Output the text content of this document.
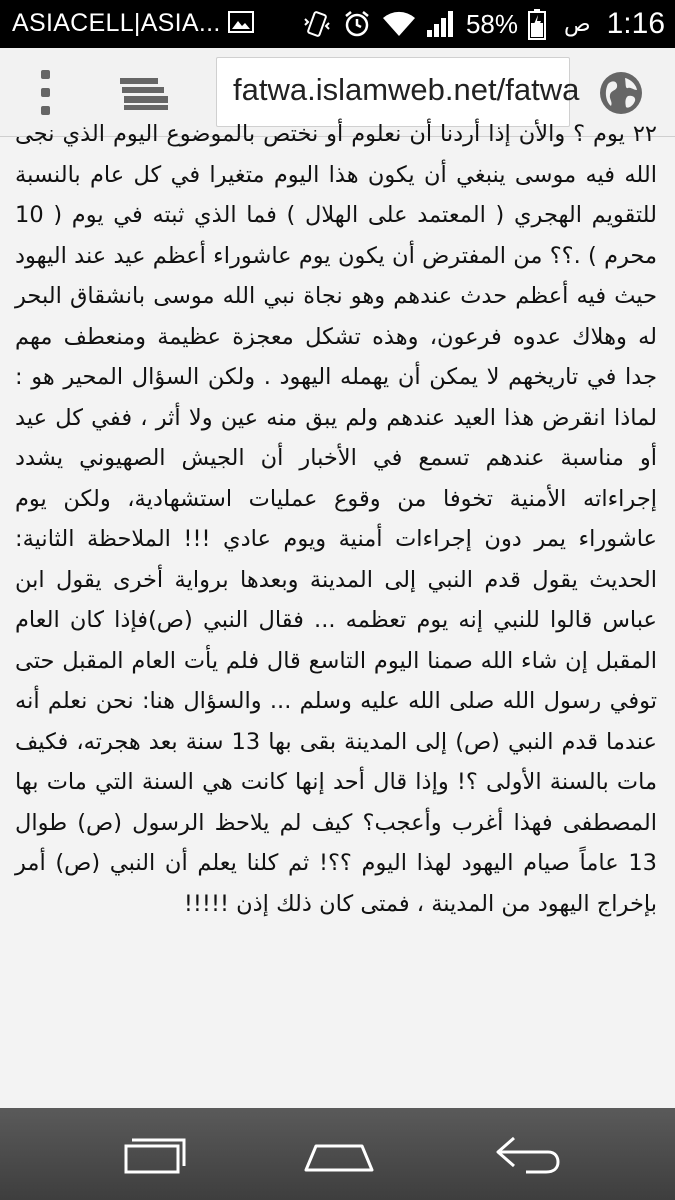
ASIACELL|ASIA...	58% ص 1:16
fatwa.islamweb.net/fatwa

٢٢ يوم ؟ والأن إذا أردنا أن نعلوم أو نختص بالموضوع اليوم الذي نجى الله فيه موسى ينبغي أن يكون هذا اليوم متغيرا في كل عام بالنسبة للتقويم الهجري ( المعتمد على الهلال ) فما الذي ثبته في يوم ( 10 محرم ) .؟؟ من المفترض أن يكون يوم عاشوراء أعظم عيد عند اليهود حيث فيه أعظم حدث عندهم وهو نجاة نبي الله موسى بانشقاق البحر له وهلاك عدوه فرعون، وهذه تشكل معجزة عظيمة ومنعطف مهم جدا في تاريخهم لا يمكن أن يهمله اليهود . ولكن السؤال المحير هو : لماذا انقرض هذا العيد عندهم ولم يبق منه عين ولا أثر ، ففي كل عيد أو مناسبة عندهم تسمع في الأخبار أن الجيش الصهيوني يشدد إجراءاته الأمنية تخوفا من وقوع عمليات استشهادية، ولكن يوم عاشوراء يمر دون إجراءات أمنية ويوم عادي !!! الملاحظة الثانية: الحديث يقول قدم النبي إلى المدينة وبعدها برواية أخرى يقول ابن عباس قالوا للنبي إنه يوم تعظمه ... فقال النبي (ص)فإذا كان العام المقبل إن شاء الله صمنا اليوم التاسع قال فلم يأت العام المقبل حتى توفي رسول الله صلى الله عليه وسلم ... والسؤال هنا: نحن نعلم أنه عندما قدم النبي (ص) إلى المدينة بقى بها 13 سنة بعد هجرته، فكيف مات بالسنة الأولى ؟! وإذا قال أحد إنها كانت هي السنة التي مات بها المصطفى فهذا أغرب وأعجب؟ كيف لم يلاحظ الرسول (ص) طوال 13 عاماً صيام اليهود لهذا اليوم ؟؟! ثم كلنا يعلم أن النبي (ص) أمر بإخراج اليهود من المدينة ، فمتى كان ذلك إذن !!!!!
